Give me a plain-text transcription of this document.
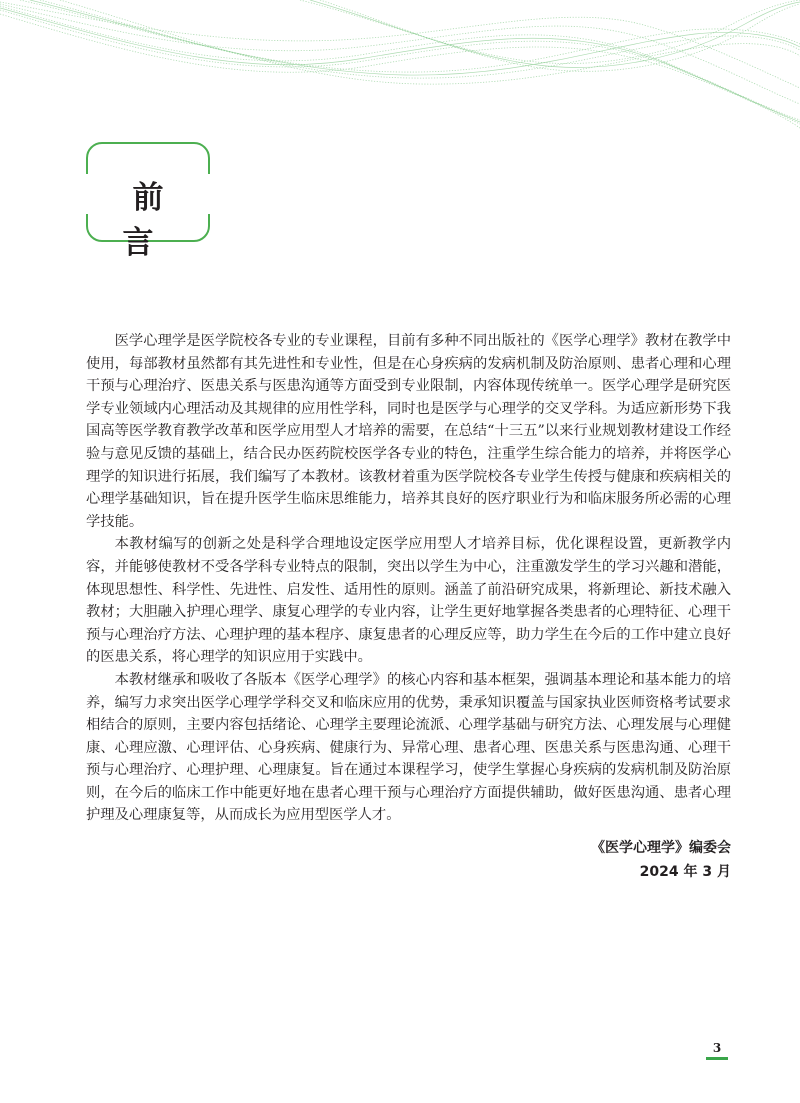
前言

医学心理学是医学院校各专业的专业课程，目前有多种不同出版社的《医学心理学》教材在教学中使用，每部教材虽然都有其先进性和专业性，但是在心身疾病的发病机制及防治原则、患者心理和心理干预与心理治疗、医患关系与医患沟通等方面受到专业限制，内容体现传统单一。医学心理学是研究医学专业领域内心理活动及其规律的应用性学科，同时也是医学与心理学的交叉学科。为适应新形势下我国高等医学教育教学改革和医学应用型人才培养的需要，在总结“十三五”以来行业规划教材建设工作经验与意见反馈的基础上，结合民办医药院校医学各专业的特色，注重学生综合能力的培养，并将医学心理学的知识进行拓展，我们编写了本教材。该教材着重为医学院校各专业学生传授与健康和疾病相关的心理学基础知识，旨在提升医学生临床思维能力，培养其良好的医疗职业行为和临床服务所必需的心理学技能。

本教材编写的创新之处是科学合理地设定医学应用型人才培养目标，优化课程设置，更新教学内容，并能够使教材不受各学科专业特点的限制，突出以学生为中心，注重激发学生的学习兴趣和潜能，体现思想性、科学性、先进性、启发性、适用性的原则。涵盖了前沿研究成果，将新理论、新技术融入教材；大胆融入护理心理学、康复心理学的专业内容，让学生更好地掌握各类患者的心理特征、心理干预与心理治疗方法、心理护理的基本程序、康复患者的心理反应等，助力学生在今后的工作中建立良好的医患关系，将心理学的知识应用于实践中。

本教材继承和吸收了各版本《医学心理学》的核心内容和基本框架，强调基本理论和基本能力的培养，编写力求突出医学心理学学科交叉和临床应用的优势，秉承知识覆盖与国家执业医师资格考试要求相结合的原则，主要内容包括绪论、心理学主要理论流派、心理学基础与研究方法、心理发展与心理健康、心理应激、心理评估、心身疾病、健康行为、异常心理、患者心理、医患关系与医患沟通、心理干预与心理治疗、心理护理、心理康复。旨在通过本课程学习，使学生掌握心身疾病的发病机制及防治原则，在今后的临床工作中能更好地在患者心理干预与心理治疗方面提供辅助，做好医患沟通、患者心理护理及心理康复等，从而成长为应用型医学人才。

《医学心理学》编委会
2024 年 3 月
3
